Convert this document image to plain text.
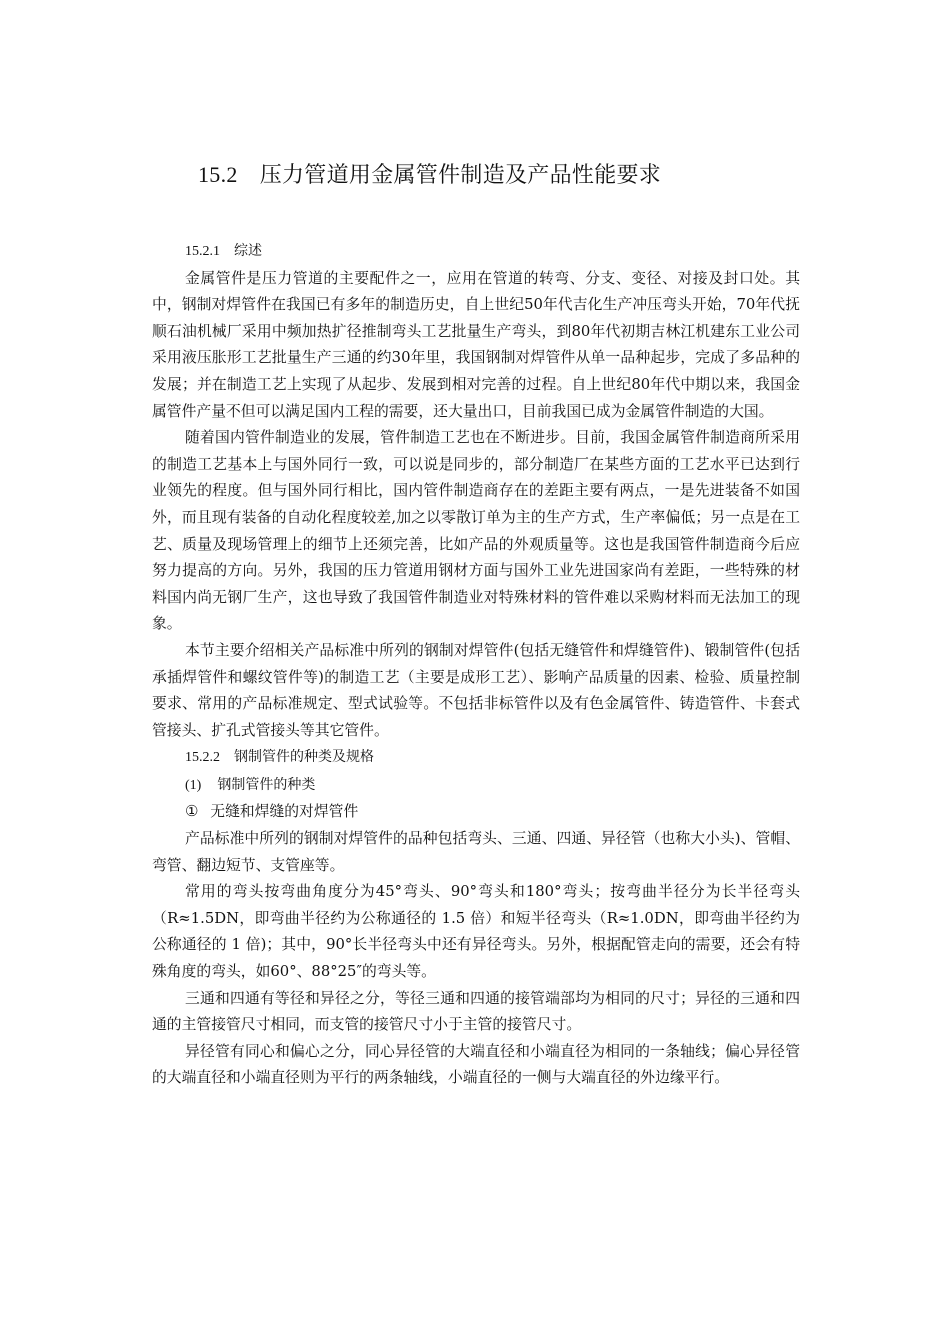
15.2 压力管道用金属管件制造及产品性能要求
15.2.1 综述

金属管件是压力管道的主要配件之一，应用在管道的转弯、分支、变径、对接及封口处。其中，钢制对焊管件在我国已有多年的制造历史，自上世纪50年代吉化生产冲压弯头开始，70年代抚顺石油机械厂采用中频加热扩径推制弯头工艺批量生产弯头，到80年代初期吉林江机建东工业公司采用液压胀形工艺批量生产三通的约30年里，我国钢制对焊管件从单一品种起步，完成了多品种的发展；并在制造工艺上实现了从起步、发展到相对完善的过程。自上世纪80年代中期以来，我国金属管件产量不但可以满足国内工程的需要，还大量出口，目前我国已成为金属管件制造的大国。

随着国内管件制造业的发展，管件制造工艺也在不断进步。目前，我国金属管件制造商所采用的制造工艺基本上与国外同行一致，可以说是同步的，部分制造厂在某些方面的工艺水平已达到行业领先的程度。但与国外同行相比，国内管件制造商存在的差距主要有两点，一是先进装备不如国外，而且现有装备的自动化程度较差,加之以零散订单为主的生产方式，生产率偏低；另一点是在工艺、质量及现场管理上的细节上还须完善，比如产品的外观质量等。这也是我国管件制造商今后应努力提高的方向。另外，我国的压力管道用钢材方面与国外工业先进国家尚有差距，一些特殊的材料国内尚无钢厂生产，这也导致了我国管件制造业对特殊材料的管件难以采购材料而无法加工的现象。

本节主要介绍相关产品标准中所列的钢制对焊管件(包括无缝管件和焊缝管件)、锻制管件(包括承插焊管件和螺纹管件等)的制造工艺（主要是成形工艺）、影响产品质量的因素、检验、质量控制要求、常用的产品标准规定、型式试验等。不包括非标管件以及有色金属管件、铸造管件、卡套式管接头、扩孔式管接头等其它管件。

15.2.2 钢制管件的种类及规格
(1) 钢制管件的种类
① 无缝和焊缝的对焊管件

产品标准中所列的钢制对焊管件的品种包括弯头、三通、四通、异径管（也称大小头)、管帽、弯管、翻边短节、支管座等。

常用的弯头按弯曲角度分为45°弯头、90°弯头和180°弯头；按弯曲半径分为长半径弯头（R≈1.5DN，即弯曲半径约为公称通径的 1.5 倍）和短半径弯头（R≈1.0DN，即弯曲半径约为公称通径的 1 倍)；其中，90°长半径弯头中还有异径弯头。另外，根据配管走向的需要，还会有特殊角度的弯头，如60°、88°25″的弯头等。

三通和四通有等径和异径之分，等径三通和四通的接管端部均为相同的尺寸；异径的三通和四通的主管接管尺寸相同，而支管的接管尺寸小于主管的接管尺寸。

异径管有同心和偏心之分，同心异径管的大端直径和小端直径为相同的一条轴线；偏心异径管的大端直径和小端直径则为平行的两条轴线，小端直径的一侧与大端直径的外边缘平行。
